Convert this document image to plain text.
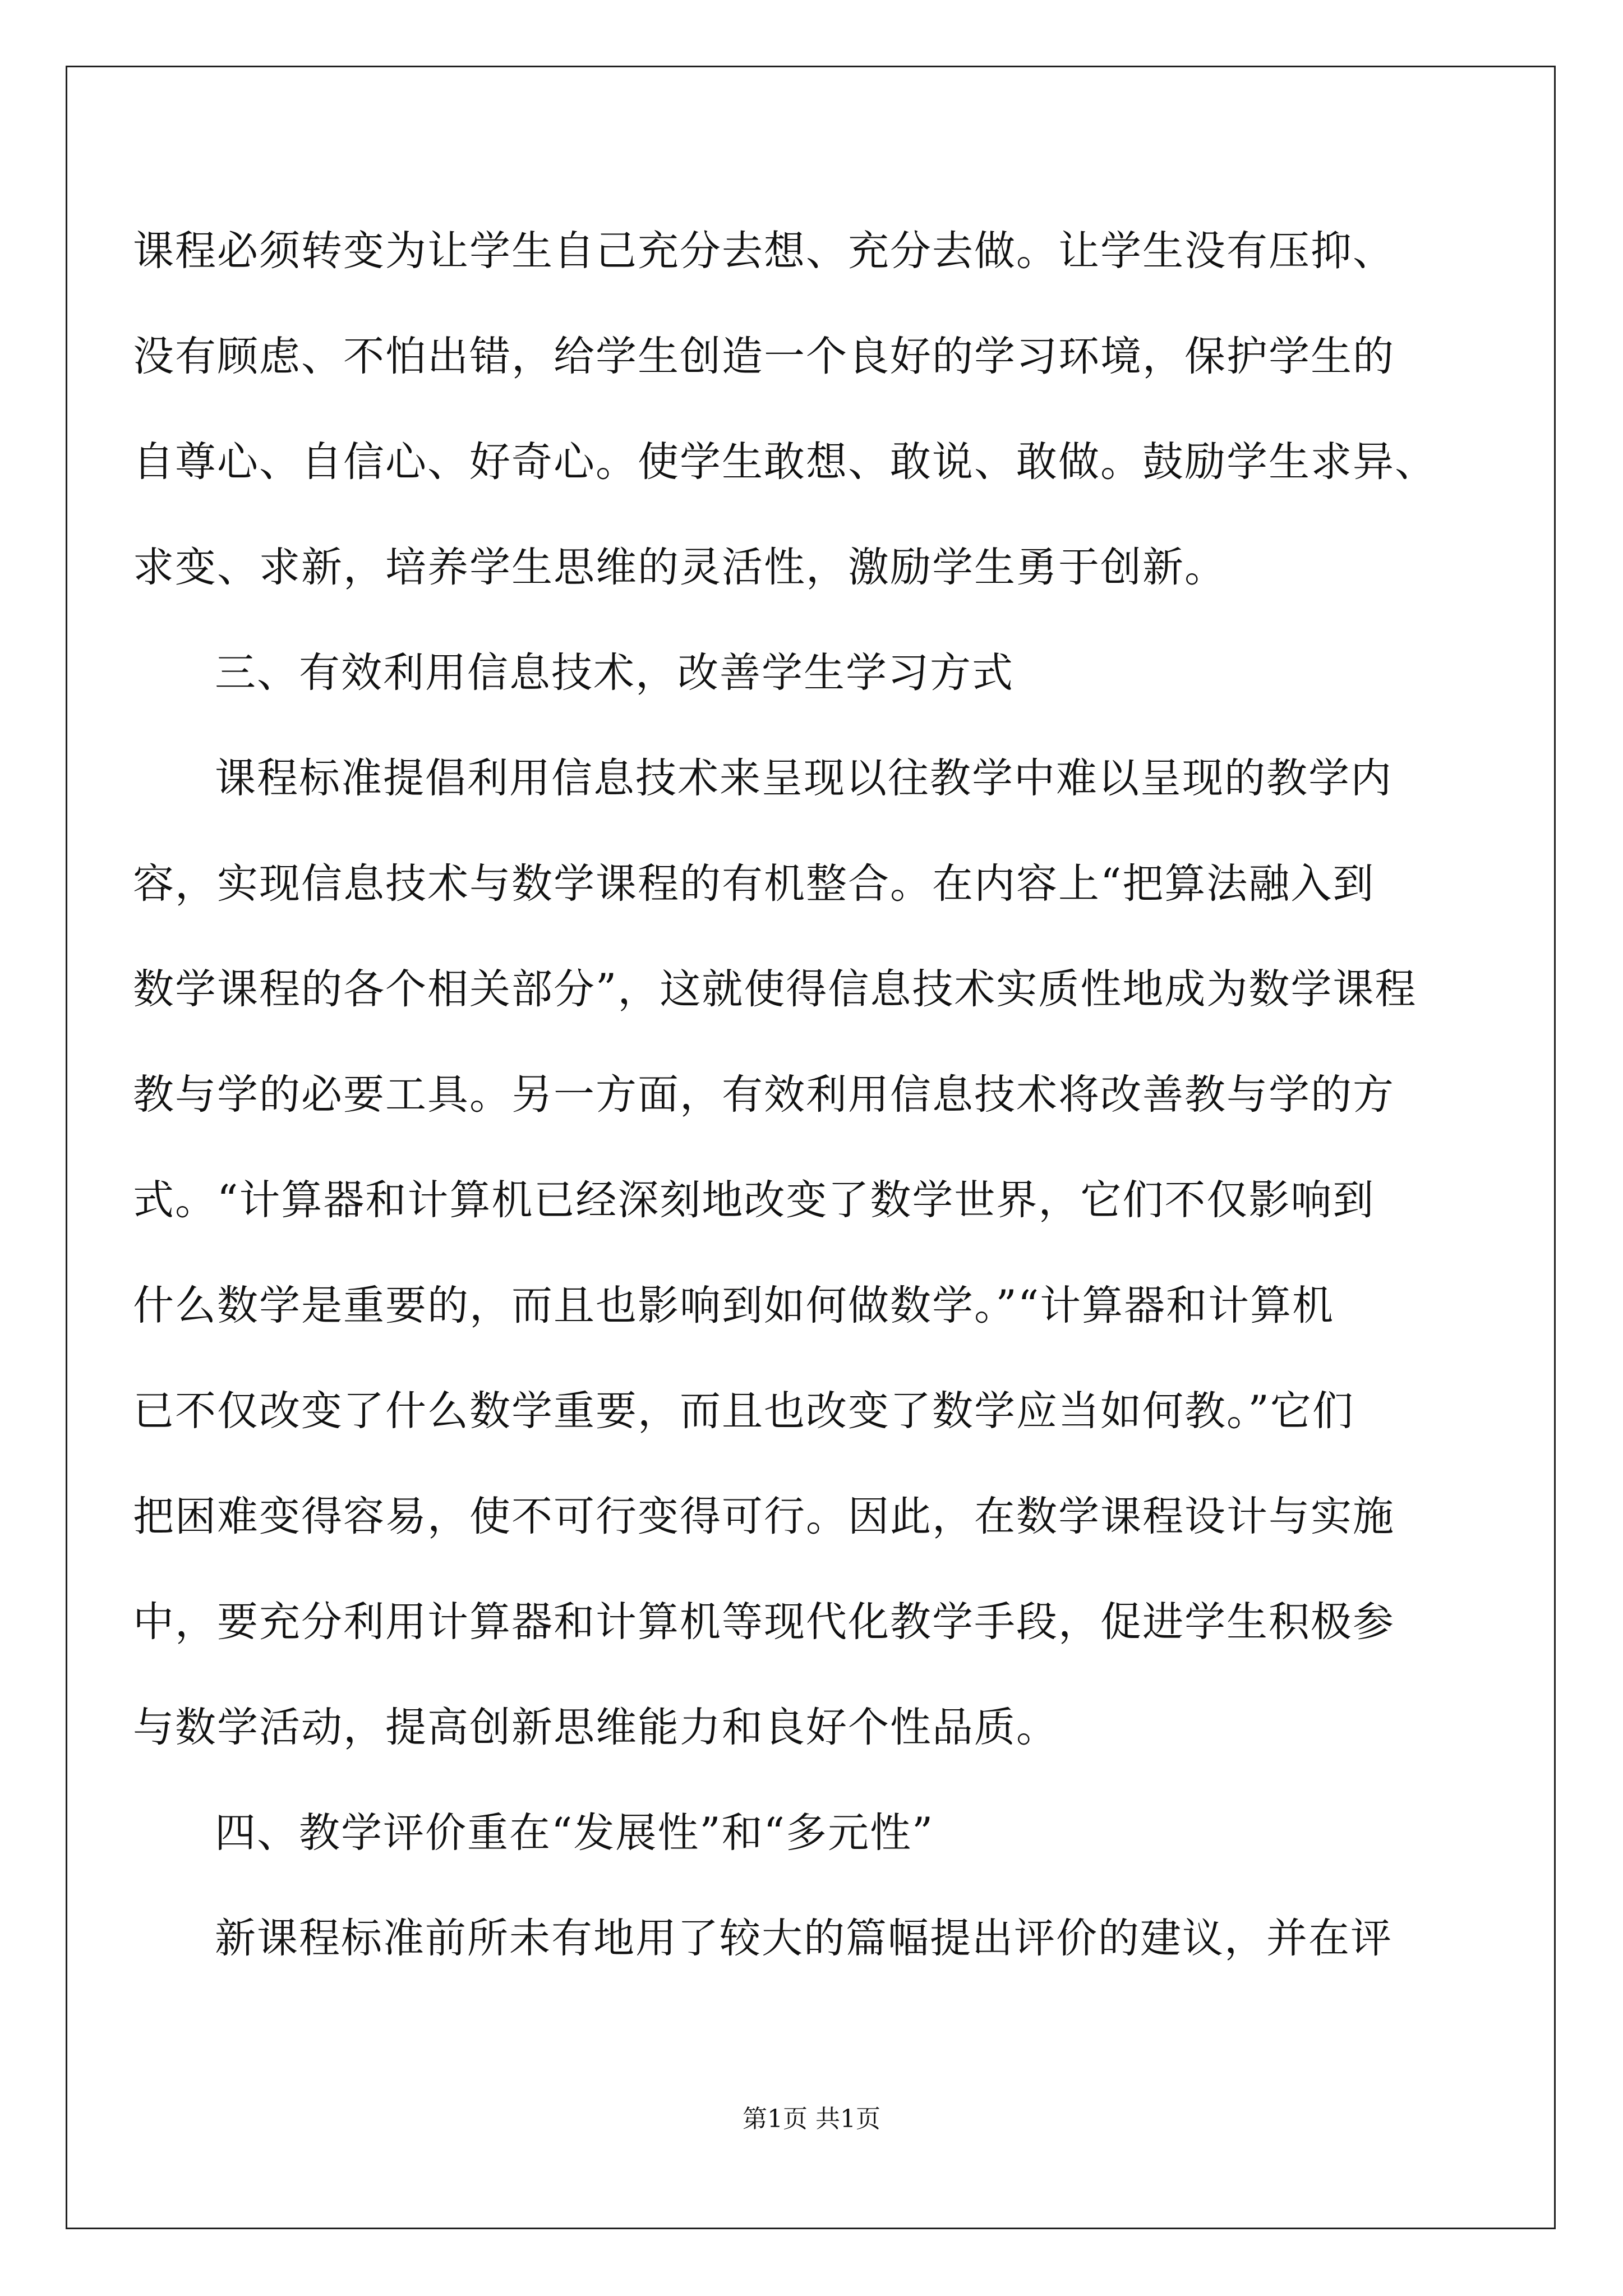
课程必须转变为让学生自己充分去想、充分去做。让学生没有压抑、
没有顾虑、不怕出错，给学生创造一个良好的学习环境，保护学生的
自尊心、自信心、好奇心。使学生敢想、敢说、敢做。鼓励学生求异、
求变、求新，培养学生思维的灵活性，激励学生勇于创新。
三、有效利用信息技术，改善学生学习方式
课程标准提倡利用信息技术来呈现以往教学中难以呈现的教学内
容，实现信息技术与数学课程的有机整合。在内容上“把算法融入到
数学课程的各个相关部分”，这就使得信息技术实质性地成为数学课程
教与学的必要工具。另一方面，有效利用信息技术将改善教与学的方
式。“计算器和计算机已经深刻地改变了数学世界，它们不仅影响到
什么数学是重要的，而且也影响到如何做数学。”“计算器和计算机
已不仅改变了什么数学重要，而且也改变了数学应当如何教。”它们
把困难变得容易，使不可行变得可行。因此，在数学课程设计与实施
中，要充分利用计算器和计算机等现代化教学手段，促进学生积极参
与数学活动，提高创新思维能力和良好个性品质。
四、教学评价重在“发展性”和“多元性”
新课程标准前所未有地用了较大的篇幅提出评价的建议，并在评
第1页 共1页
